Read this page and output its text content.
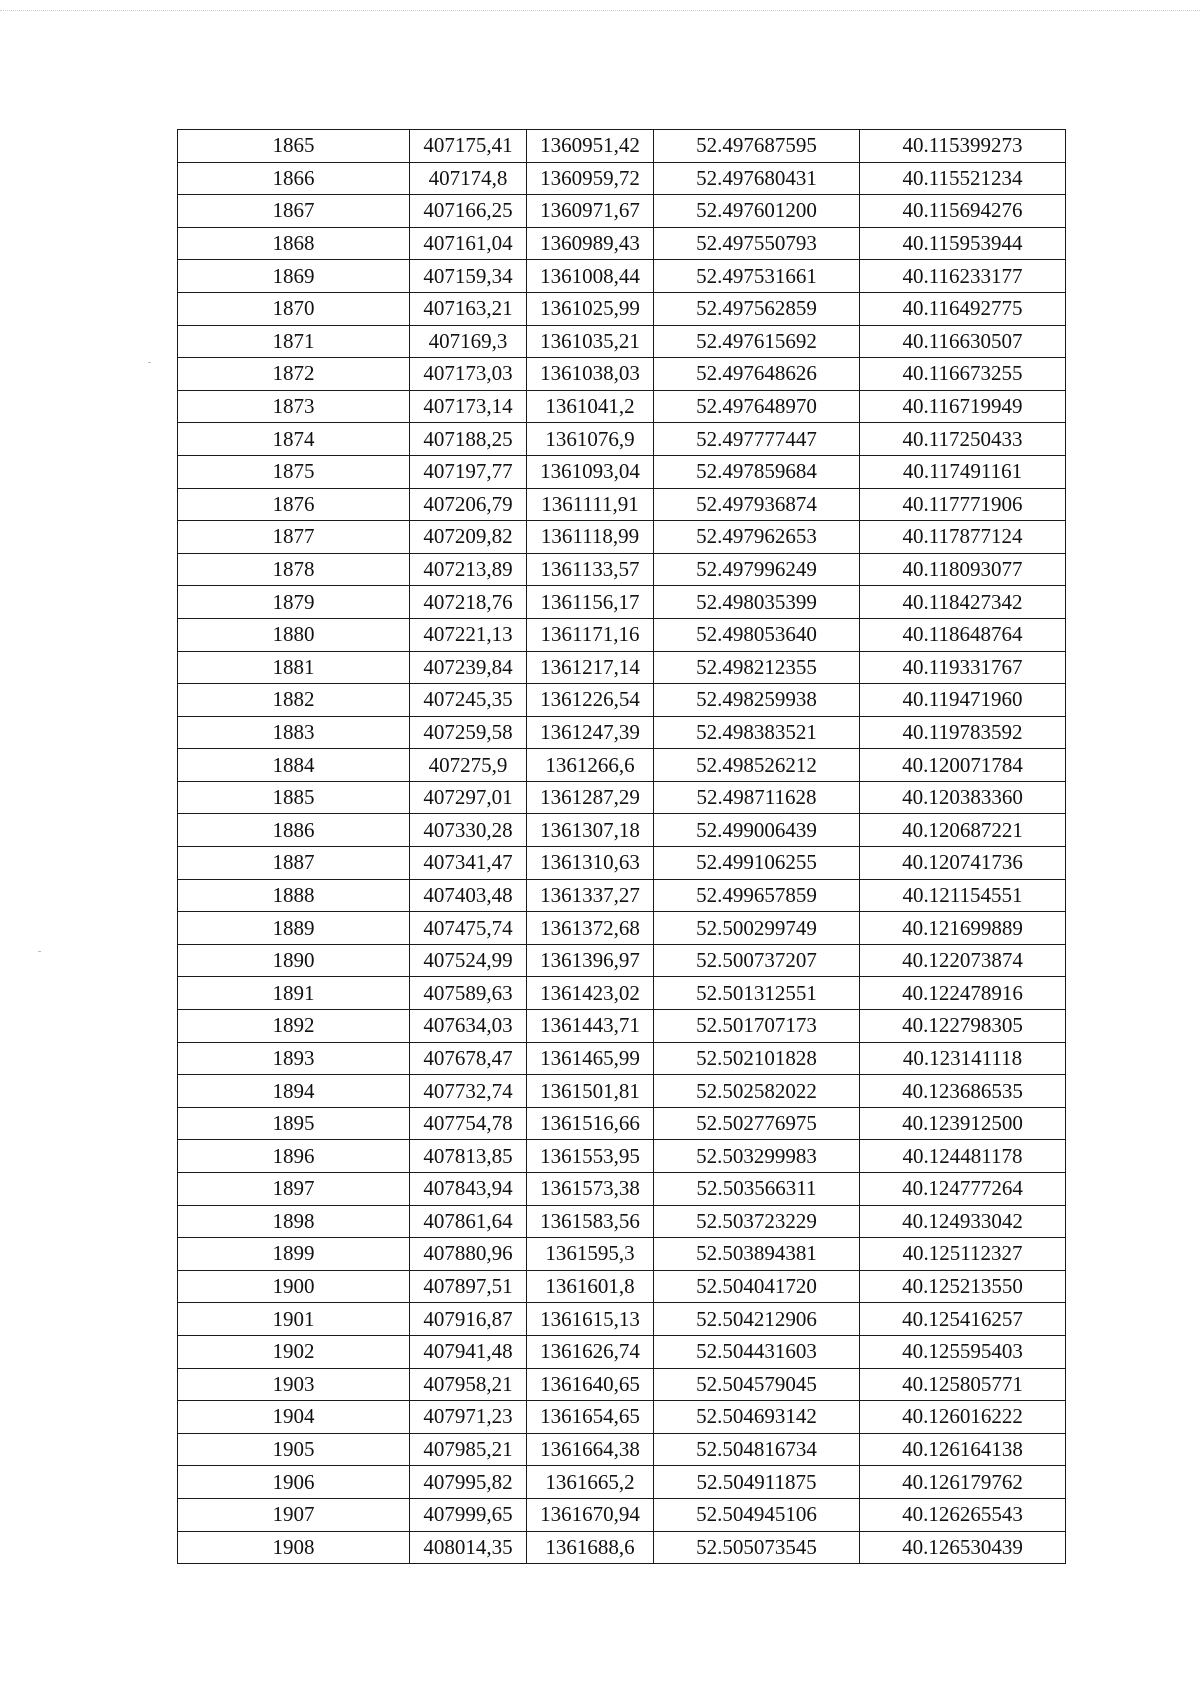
1865	407175,41	1360951,42	52.497687595	40.115399273
1866	407174,8	1360959,72	52.497680431	40.115521234
1867	407166,25	1360971,67	52.497601200	40.115694276
1868	407161,04	1360989,43	52.497550793	40.115953944
1869	407159,34	1361008,44	52.497531661	40.116233177
1870	407163,21	1361025,99	52.497562859	40.116492775
1871	407169,3	1361035,21	52.497615692	40.116630507
1872	407173,03	1361038,03	52.497648626	40.116673255
1873	407173,14	1361041,2	52.497648970	40.116719949
1874	407188,25	1361076,9	52.497777447	40.117250433
1875	407197,77	1361093,04	52.497859684	40.117491161
1876	407206,79	1361111,91	52.497936874	40.117771906
1877	407209,82	1361118,99	52.497962653	40.117877124
1878	407213,89	1361133,57	52.497996249	40.118093077
1879	407218,76	1361156,17	52.498035399	40.118427342
1880	407221,13	1361171,16	52.498053640	40.118648764
1881	407239,84	1361217,14	52.498212355	40.119331767
1882	407245,35	1361226,54	52.498259938	40.119471960
1883	407259,58	1361247,39	52.498383521	40.119783592
1884	407275,9	1361266,6	52.498526212	40.120071784
1885	407297,01	1361287,29	52.498711628	40.120383360
1886	407330,28	1361307,18	52.499006439	40.120687221
1887	407341,47	1361310,63	52.499106255	40.120741736
1888	407403,48	1361337,27	52.499657859	40.121154551
1889	407475,74	1361372,68	52.500299749	40.121699889
1890	407524,99	1361396,97	52.500737207	40.122073874
1891	407589,63	1361423,02	52.501312551	40.122478916
1892	407634,03	1361443,71	52.501707173	40.122798305
1893	407678,47	1361465,99	52.502101828	40.123141118
1894	407732,74	1361501,81	52.502582022	40.123686535
1895	407754,78	1361516,66	52.502776975	40.123912500
1896	407813,85	1361553,95	52.503299983	40.124481178
1897	407843,94	1361573,38	52.503566311	40.124777264
1898	407861,64	1361583,56	52.503723229	40.124933042
1899	407880,96	1361595,3	52.503894381	40.125112327
1900	407897,51	1361601,8	52.504041720	40.125213550
1901	407916,87	1361615,13	52.504212906	40.125416257
1902	407941,48	1361626,74	52.504431603	40.125595403
1903	407958,21	1361640,65	52.504579045	40.125805771
1904	407971,23	1361654,65	52.504693142	40.126016222
1905	407985,21	1361664,38	52.504816734	40.126164138
1906	407995,82	1361665,2	52.504911875	40.126179762
1907	407999,65	1361670,94	52.504945106	40.126265543
1908	408014,35	1361688,6	52.505073545	40.126530439
